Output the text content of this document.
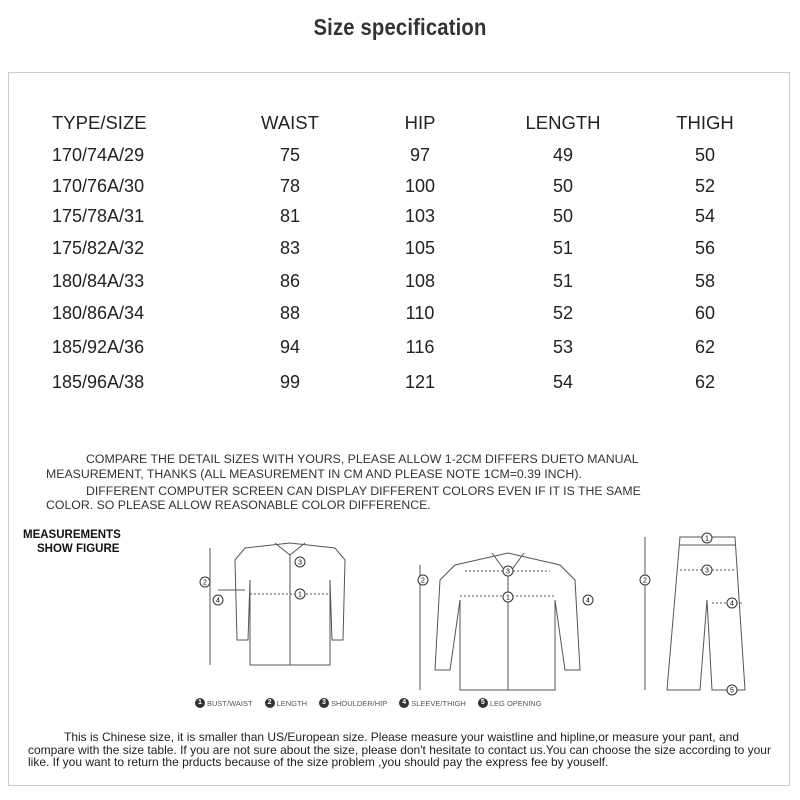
Size specification
TYPE/SIZE	WAIST	HIP	LENGTH	THIGH
170/74A/29	75	97	49	50
170/76A/30	78	100	50	52
175/78A/31	81	103	50	54
175/82A/32	83	105	51	56
180/84A/33	86	108	51	58
180/86A/34	88	110	52	60
185/92A/36	94	116	53	62
185/96A/38	99	121	54	62
COMPARE THE DETAIL SIZES WITH YOURS, PLEASE ALLOW 1-2CM DIFFERS DUETO MANUAL
MEASUREMENT, THANKS (ALL MEASUREMENT IN CM AND PLEASE NOTE 1CM=0.39 INCH).
DIFFERENT COMPUTER SCREEN CAN DISPLAY DIFFERENT COLORS EVEN IF IT IS THE SAME
COLOR. SO PLEASE ALLOW REASONABLE COLOR DIFFERENCE.
MEASUREMENTS
SHOW FIGURE
2
4
3
1
2
3
1	4
2
1
3
4
5
1 BUST/WAIST	2 LENGTH	3 SHOULDER/HIP	4 SLEEVE/THIGH	5 LEG OPENING
This is Chinese size, it is smaller than US/European size. Please measure your waistline and hipline,or measure your pant, and compare with the size table. If you are not sure about the size, please don't hesitate to contact us.You can choose the size according to your like. If you want to return the prducts because of the size problem ,you should pay the express fee by youself.
